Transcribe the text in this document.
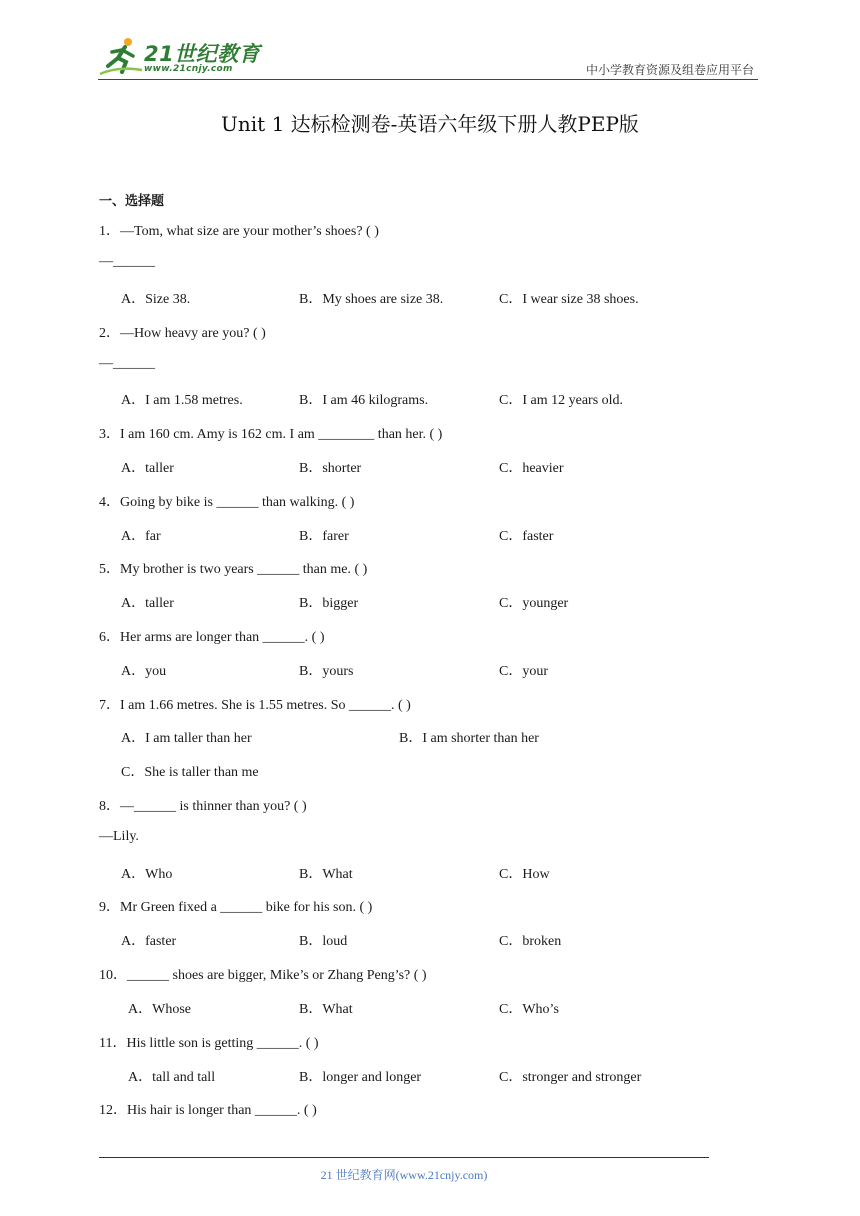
21世纪教育
www.21cnjy.com	中小学教育资源及组卷应用平台
Unit 1 达标检测卷-英语六年级下册人教PEP版
一、选择题
1．—Tom, what size are your mother’s shoes? ( )
—______
A．Size 38.	B．My shoes are size 38.	C．I wear size 38 shoes.
2．—How heavy are you? ( )
—______
A．I am 1.58 metres.	B．I am 46 kilograms.	C．I am 12 years old.
3．I am 160 cm. Amy is 162 cm. I am ________ than her. ( )
A．taller	B．shorter	C．heavier
4．Going by bike is ______ than walking. ( )
A．far	B．farer	C．faster
5．My brother is two years ______ than me. ( )
A．taller	B．bigger	C．younger
6．Her arms are longer than ______. ( )
A．you	B．yours	C．your
7．I am 1.66 metres. She is 1.55 metres. So ______. ( )
A．I am taller than her	B．I am shorter than her
C．She is taller than me
8．—______ is thinner than you? ( )
—Lily.
A．Who	B．What	C．How
9．Mr Green fixed a ______ bike for his son. ( )
A．faster	B．loud	C．broken
10．______ shoes are bigger, Mike’s or Zhang Peng’s? ( )
A．Whose	B．What	C．Who’s
11．His little son is getting ______. ( )
A．tall and tall	B．longer and longer	C．stronger and stronger
12．His hair is longer than ______. ( )
21 世纪教育网(www.21cnjy.com)
